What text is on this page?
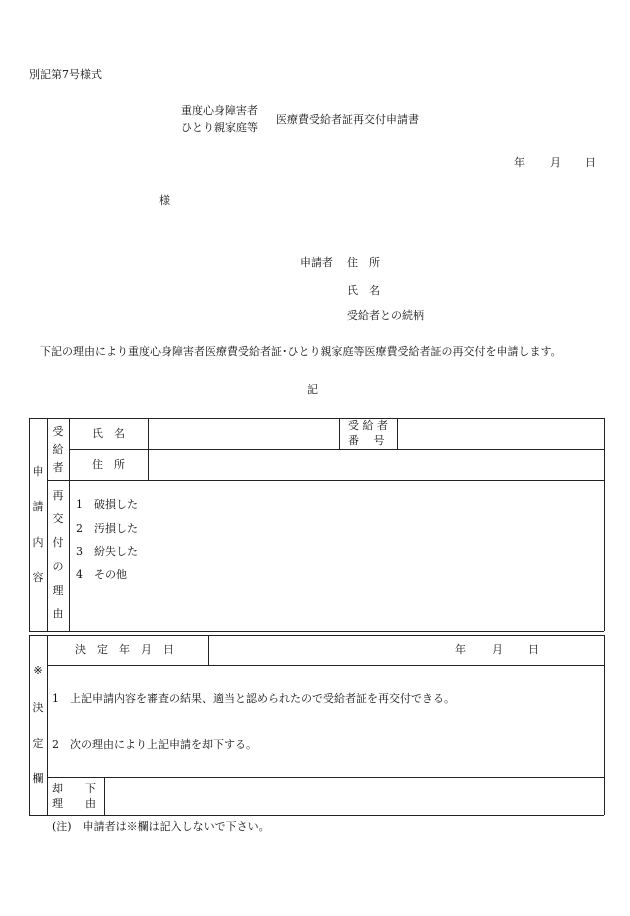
別記第7号様式
重度心身障害者
ひとり親家庭等
医療費受給者証再交付申請書
年 月 日
様
申請者 住　所
氏　名
受給者との続柄
下記の理由により重度心身障害者医療費受給者証･ひとり親家庭等医療費受給者証の再交付を申請します。
記
申
請
内
容
受
給
者
氏　名
受 給 者
番　 号
住　所
再
交
付
の
理
由
1　破損した
2　汚損した
3　紛失した
4　その他
※
決
定
欄
決　定　年　月　日	年 月 日
1　上記申請内容を審査の結果、適当と認められたので受給者証を再交付できる。
2　次の理由により上記申請を却下する。
却　　下
理　　由
(注)　申請者は※欄は記入しないで下さい。
